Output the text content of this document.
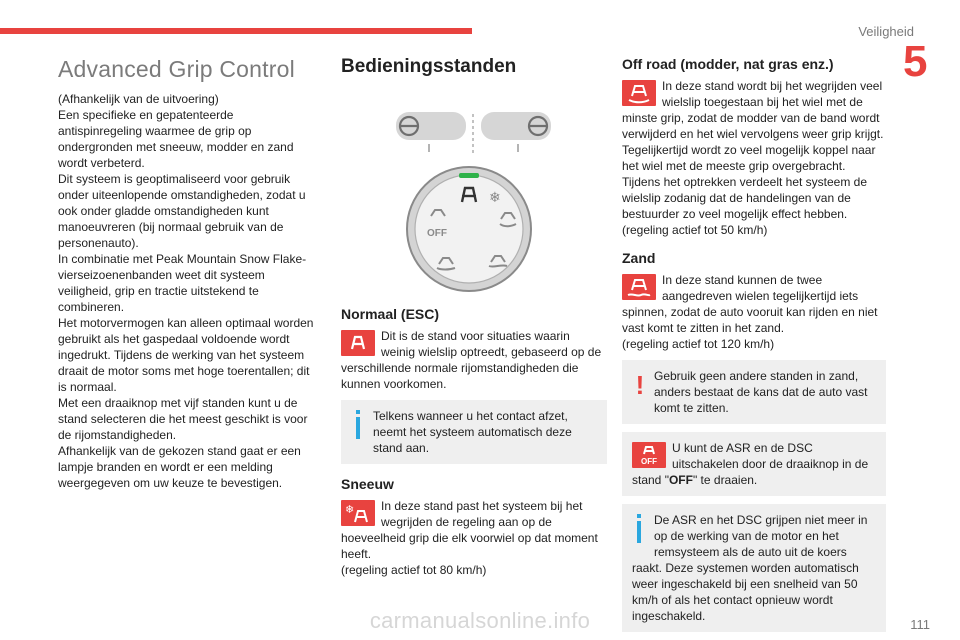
Veiligheid
5
Advanced Grip Control

(Afhankelijk van de uitvoering)

Een specifieke en gepatenteerde antispinregeling waarmee de grip op ondergronden met sneeuw, modder en zand wordt verbeterd.

Dit systeem is geoptimaliseerd voor gebruik onder uiteenlopende omstandigheden, zodat u ook onder gladde omstandigheden kunt manoeuvreren (bij normaal gebruik van de personenauto).

In combinatie met Peak Mountain Snow Flake-vierseizoenenbanden weet dit systeem veiligheid, grip en tractie uitstekend te combineren.

Het motorvermogen kan alleen optimaal worden gebruikt als het gaspedaal voldoende wordt ingedrukt. Tijdens de werking van het systeem draait de motor soms met hoge toerentallen; dit is normaal.

Met een draaiknop met vijf standen kunt u de stand selecteren die het meest geschikt is voor de rijomstandigheden.

Afhankelijk van de gekozen stand gaat er een lampje branden en wordt er een melding weergegeven om uw keuze te bevestigen.

Bedieningsstanden
❄
OFF
Normaal (ESC)

Dit is de stand voor situaties waarin weinig wielslip optreedt, gebaseerd op de verschillende normale rijomstandigheden die kunnen voorkomen.

Telkens wanneer u het contact afzet, neemt het systeem automatisch deze stand aan.
Sneeuw
❄	In deze stand past het systeem bij het wegrijden de regeling aan op de hoeveelheid grip die elk voorwiel op dat moment heeft.

(regeling actief tot 80 km/h)

Off road (modder, nat gras enz.)

In deze stand wordt bij het wegrijden veel wielslip toegestaan bij het wiel met de minste grip, zodat de modder van de band wordt verwijderd en het wiel vervolgens weer grip krijgt. Tegelijkertijd wordt zo veel mogelijk koppel naar het wiel met de meeste grip overgebracht. Tijdens het optrekken verdeelt het systeem de wielslip zodanig dat de handelingen van de bestuurder zo veel mogelijk effect hebben.

(regeling actief tot 50 km/h)

Zand

In deze stand kunnen de twee aangedreven wielen tegelijkertijd iets spinnen, zodat de auto vooruit kan rijden en niet vast komt te zitten in het zand.

(regeling actief tot 120 km/h)

! Gebruik geen andere standen in zand, anders bestaat de kans dat de auto vast komt te zitten.
OFF
U kunt de ASR en de DSC uitschakelen door de draaiknop in de stand "OFF" te draaien.
De ASR en het DSC grijpen niet meer in op de werking van de motor en het remsysteem als de auto uit de koers raakt. Deze systemen worden automatisch weer ingeschakeld bij een snelheid van 50 km/h of als het contact opnieuw wordt ingeschakeld.
carmanualsonline.info	111
